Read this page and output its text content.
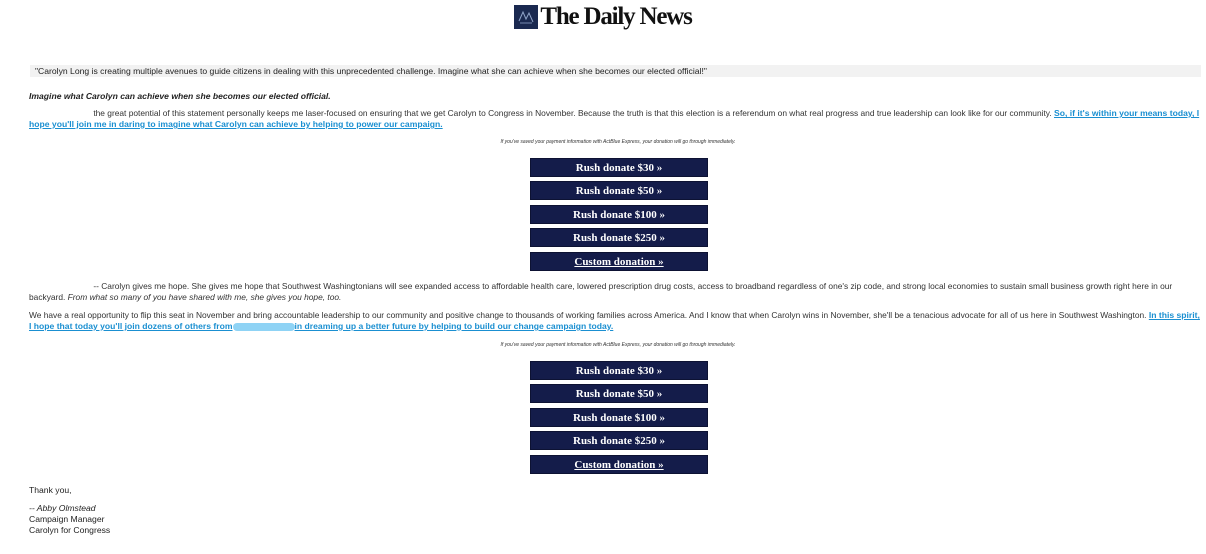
The Daily News
"Carolyn Long is creating multiple avenues to guide citizens in dealing with this unprecedented challenge. Imagine what she can achieve when she becomes our elected official!"
Imagine what Carolyn can achieve when she becomes our elected official.
the great potential of this statement personally keeps me laser-focused on ensuring that we get Carolyn to Congress in November. Because the truth is that this election is a referendum on what real progress and true leadership can look like for our community. So, if it's within your means today, I hope you'll join me in daring to imagine what Carolyn can achieve by helping to power our campaign.
If you've saved your payment information with ActBlue Express, your donation will go through immediately.
Rush donate $30 »
Rush donate $50 »
Rush donate $100 »
Rush donate $250 »
Custom donation »
-- Carolyn gives me hope. She gives me hope that Southwest Washingtonians will see expanded access to affordable health care, lowered prescription drug costs, access to broadband regardless of one's zip code, and strong local economies to sustain small business growth right here in our backyard. From what so many of you have shared with me, she gives you hope, too.
We have a real opportunity to flip this seat in November and bring accountable leadership to our community and positive change to thousands of working families across America. And I know that when Carolyn wins in November, she'll be a tenacious advocate for all of us here in Southwest Washington. In this spirit, I hope that today you'll join dozens of others from	in dreaming up a better future by helping to build our change campaign today.
If you've saved your payment information with ActBlue Express, your donation will go through immediately.
Rush donate $30 »
Rush donate $50 »
Rush donate $100 »
Rush donate $250 »
Custom donation »
Thank you,
-- Abby Olmstead
Campaign Manager
Carolyn for Congress
